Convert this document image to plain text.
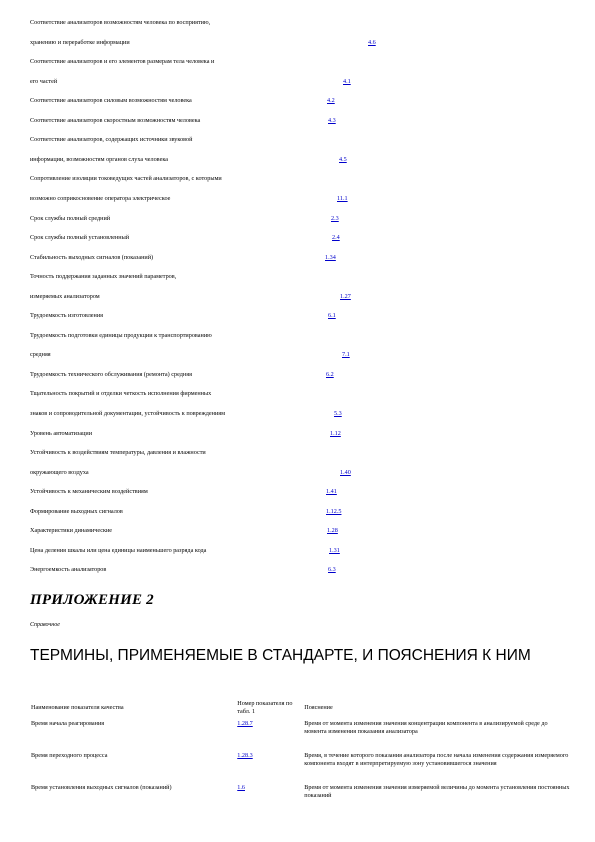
Соответствие анализаторов возможностям человека по восприятию,
хранению и переработке информации	4.6
Соответствие анализаторов и его элементов размерам тела человека и
его частей	4.1
Соответствие анализаторов силовым возможностям человека	4.2
Соответствие анализаторов скоростным возможностям человека	4.3
Соответствие анализаторов, содержащих источники звуковой
информации, возможностям органов слуха человека	4.5
Сопротивление изоляции токоведущих частей анализаторов, с которыми
возможно соприкосновение оператора электрическое	11.1
Срок службы полный средний	2.3
Срок службы полный установленный	2.4
Стабильность выходных сигналов (показаний)	1.34
Точность поддержания заданных значений параметров,
измеряемых анализатором	1.27
Трудоемкость изготовления	6.1
Трудоемкость подготовки единицы продукции к транспортированию
средняя	7.1
Трудоемкость технического обслуживания (ремонта) средняя	6.2
Тщательность покрытий и отделки четкость исполнения фирменных
знаков и сопроводительной документации, устойчивость к повреждениям	5.3
Уровень автоматизации	1.12
Устойчивость к воздействиям температуры, давления и влажности
окружающего воздуха	1.40
Устойчивость к механическим воздействиям	1.41
Формирование выходных сигналов	1.12.5
Характеристики динамические	1.28
Цена деления шкалы или цена единицы наименьшего разряда кода	1.31
Энергоемкость анализаторов	6.3
ПРИЛОЖЕНИЕ 2
Справочное
ТЕРМИНЫ, ПРИМЕНЯЕМЫЕ В СТАНДАРТЕ, И ПОЯСНЕНИЯ К НИМ
Наименование показателя качества	Номер показателя по табл. 1	Пояснение
Время начала реагирования	1.28.7	Время от момента изменения значения концентрации компонента в анализируемой среде до момента изменения показания анализатора
Время переходного процесса	1.28.3	Время, в течение которого показания анализатора после начала изменения содержания измеряемого компонента входят в интерпретируемую зону установившегося значения
Время установления выходных сигналов (показаний)	1.6	Время от момента изменения значения измеряемой величины до момента установления постоянных показаний
